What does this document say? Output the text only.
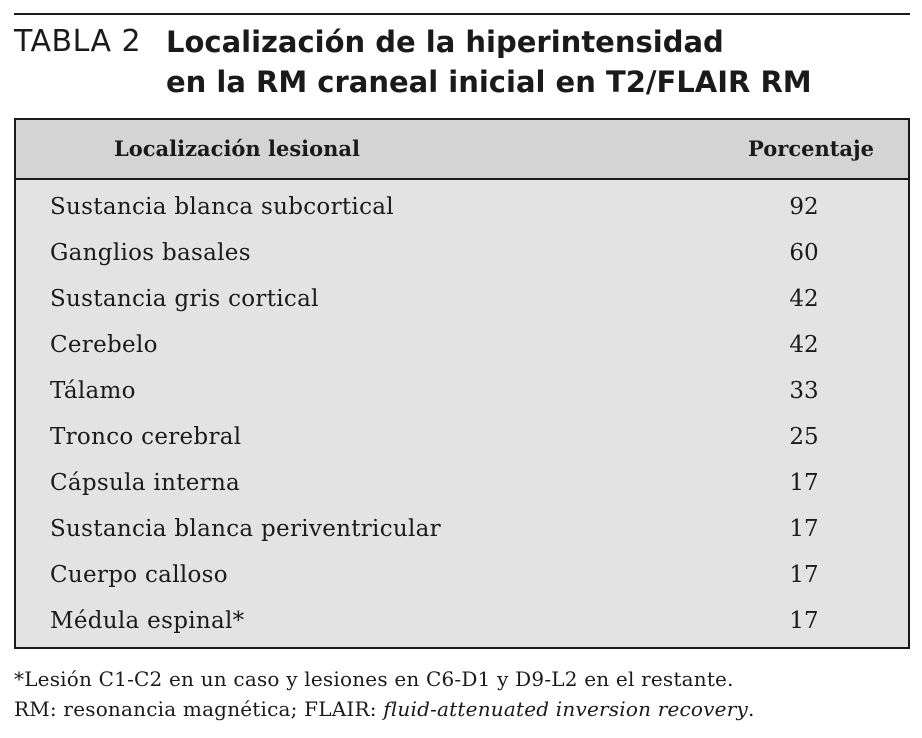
TABLA 2 Localización de la hiperintensidad
en la RM craneal inicial en T2/FLAIR RM
Localización lesional	Porcentaje
Sustancia blanca subcortical	92
Ganglios basales	60
Sustancia gris cortical	42
Cerebelo	42
Tálamo	33
Tronco cerebral	25
Cápsula interna	17
Sustancia blanca periventricular	17
Cuerpo calloso	17
Médula espinal*	17
*Lesión C1-C2 en un caso y lesiones en C6-D1 y D9-L2 en el restante.
RM: resonancia magnética; FLAIR: fluid-attenuated inversion recovery.
